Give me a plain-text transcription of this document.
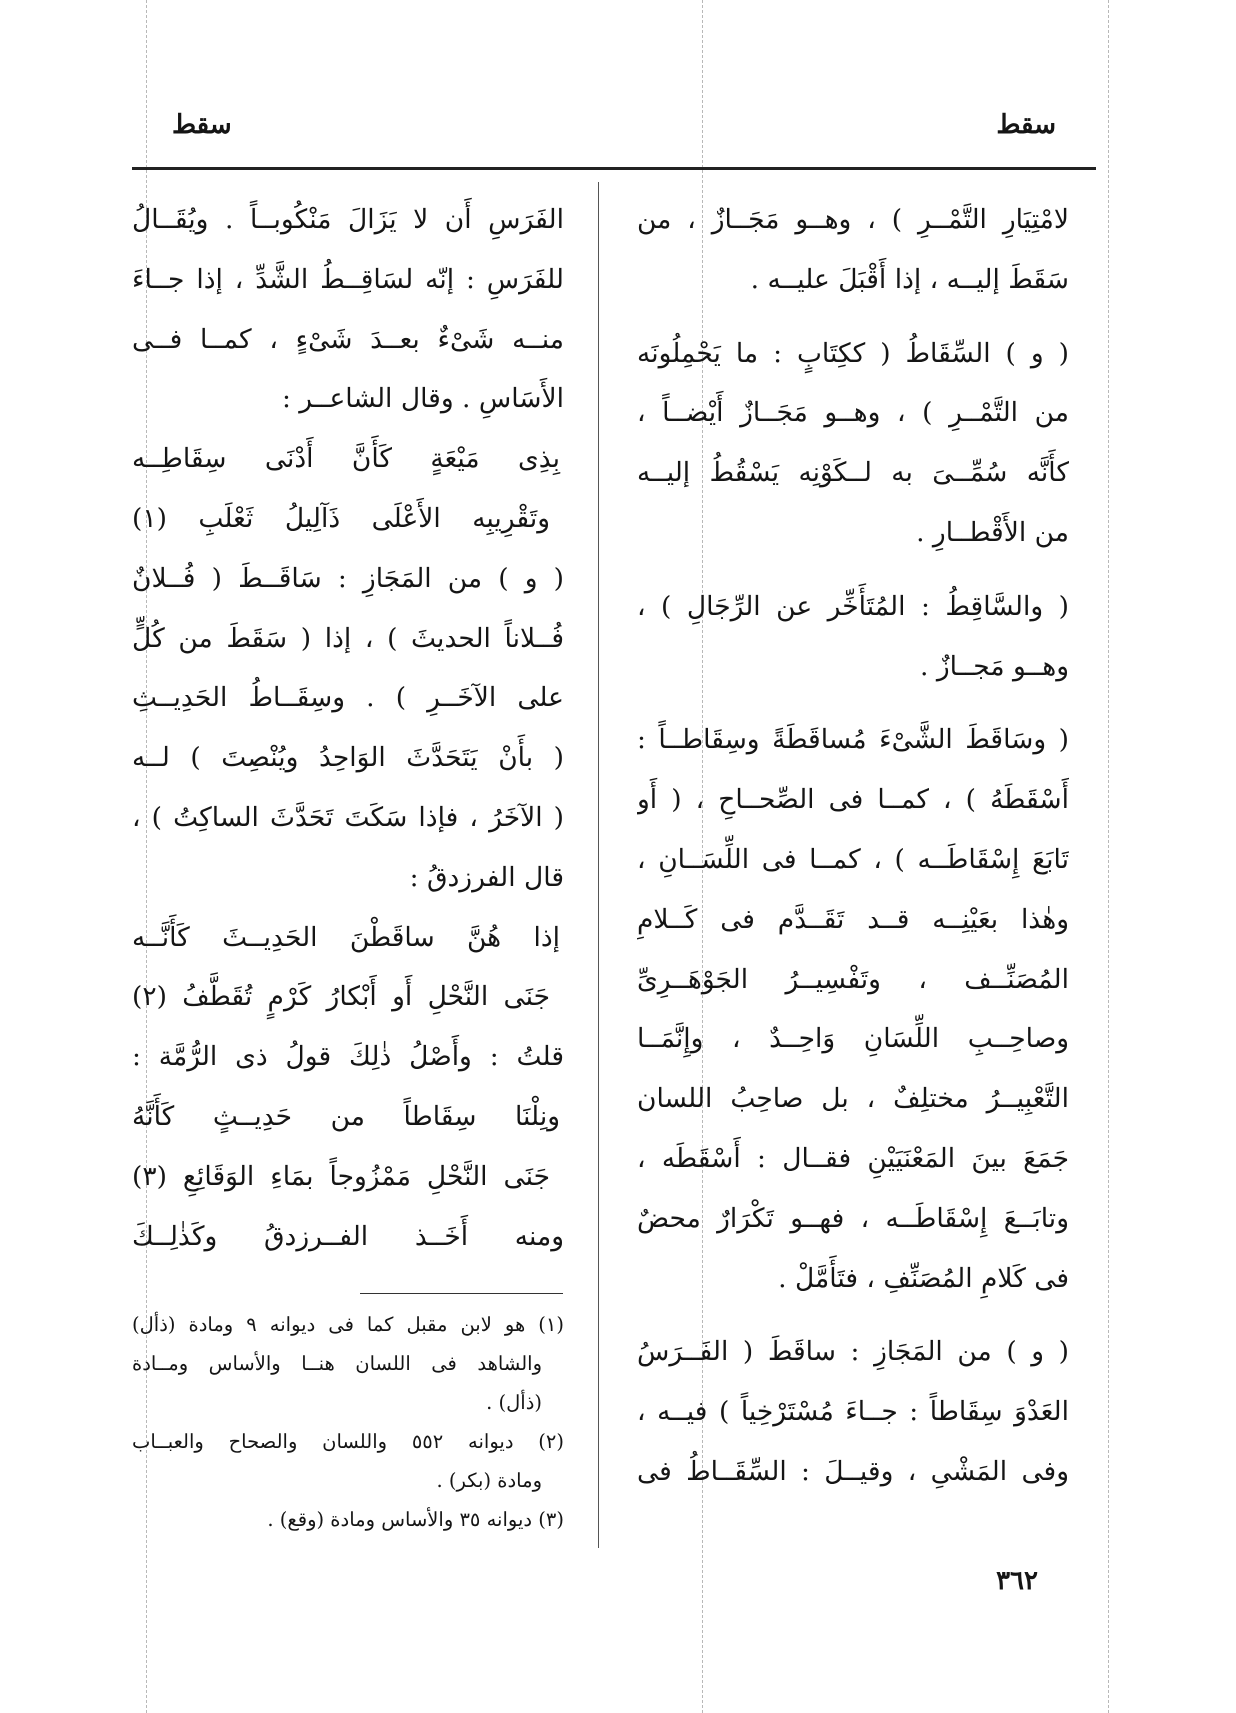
سقط
سقط
لامْتِيَارِ التَّمْــرِ ) ، وهــو مَجَــازٌ ، من
سَقَطَ إليــه ، إذا أَقْبَلَ عليــه .
( و ) السِّقَاطُ ( ككِتَابٍ : ما يَحْمِلُونَه
من التَّمْــرِ ) ، وهــو مَجَــازٌ أَيْضــاً ،
كأَنَّه سُمِّــىَ به لــكَوْنِه يَسْقُطُ إليــه
من الأَقْطــارِ .
( والسَّاقِطُ : المُتَأَخِّر عن الرِّجَالِ ) ،
وهــو مَجــازٌ .
( وسَاقَطَ الشَّىْءَ مُساقَطَةً وسِقَاطــاً :
أَسْقَطَهُ ) ، كمــا فى الصِّحــاحِ ، ( أَو
تَابَعَ إِسْقَاطَــه ) ، كمــا فى اللِّسَــانِ ،
وهٰذا بعَيْنِــه قــد تَقَــدَّم فى كَــلامِ
المُصَنِّــف ، وتَفْسِيــرُ الجَوْهَــرِىِّ
وصاحِــبِ اللِّسَانِ وَاحِــدٌ ، وإِنَّمَــا
التَّعْبِيــرُ مختلِفٌ ، بل صاحِبُ اللسان
جَمَعَ بينَ المَعْنَيَيْنِ فقــال : أَسْقَطَه ،
وتابَــعَ إِسْقَاطَــه ، فهــو تَكْرَارٌ محضٌ
فى كَلامِ المُصَنِّفِ ، فتَأَمَّلْ .
( و ) من المَجَازِ : ساقَطَ ( الفَــرَسُ
العَدْوَ سِقَاطاً : جــاءَ مُسْتَرْخِياً ) فيــه ،
وفى المَشْىِ ، وقيــلَ : السِّقَــاطُ فى
الفَرَسِ أَن لا يَزَالَ مَنْكُوبــاً . ويُقَــالُ
للفَرَسِ : إنّه لسَاقِــطُ الشَّدِّ ، إذا جــاءَ
منــه شَىْءٌ بعــدَ شَىْءٍ ، كمــا فــى
الأَسَاسِ . وقال الشاعــر :
بِذِى مَيْعَةٍ كَأَنَّ أَدْنَى سِقَاطِــه
وتَقْرِيبِه الأَعْلَى ذَآلِيلُ ثَعْلَبِ (١)
( و ) من المَجَازِ : سَاقَــطَ ( فُــلانٌ
فُــلاناً الحديثَ ) ، إذا ( سَقَطَ من كُلٍّ
على الآخَــرِ ) . وسِقَــاطُ الحَدِيــثِ
( بأَنْ يَتَحَدَّثَ الوَاحِدُ ويُنْصِتَ ) لــه
( الآخَرُ ، فإذا سَكَتَ تَحَدَّثَ الساكِتُ ) ،
قال الفرزدقُ :
إذا هُنَّ ساقَطْنَ الحَدِيــثَ كَأَنَّــه
جَنَى النَّحْلِ أَو أَبْكارُ كَرْمٍ تُقَطَّفُ (٢)
قلتُ : وأَصْلُ ذٰلِكَ قولُ ذى الرُّمَّة :
ونِلْنَا سِقَاطاً من حَدِيــثٍ كَأَنَّهُ
جَنَى النَّحْلِ مَمْزُوجاً بمَاءِ الوَقَائِعِ (٣)
ومنه أَخَــذ الفــرزدقُ وكَذٰلِــكَ
(١) هو لابن مقبل كما فى ديوانه ٩ ومادة (ذأل)
والشاهد فى اللسان هنــا والأساس ومــادة
(ذأل) .
(٢) ديوانه ٥٥٢ واللسان والصحاح والعبــاب
ومادة (بكر) .
(٣) ديوانه ٣٥ والأساس ومادة (وقع) .
٣٦٢
